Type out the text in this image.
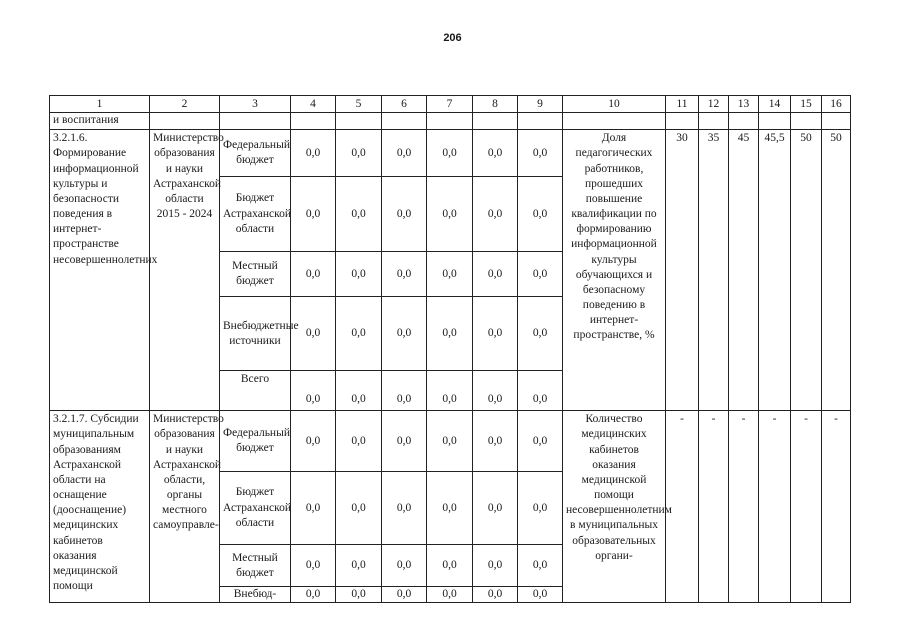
206
1	2	3	4	5	6	7	8	9	10	11	12	13	14	15	16
и воспитания															
3.2.1.6. Формирование информационной культуры и безопасности поведения в интернет-пространстве несовершеннолетних	Министерство образования и науки Астраханской области 2015 - 2024	Федеральный бюджет	0,0	0,0	0,0	0,0	0,0	0,0	Доля педагогических работников, прошедших повышение квалификации по формированию информационной культуры обучающихся и безопасному поведению в интернет-пространстве, %	30	35	45	45,5	50	50
		Бюджет Астраханской области	0,0	0,0	0,0	0,0	0,0	0,0							
		Местный бюджет	0,0	0,0	0,0	0,0	0,0	0,0							
		Внебюджетные источники	0,0	0,0	0,0	0,0	0,0	0,0							
		Всего	0,0	0,0	0,0	0,0	0,0	0,0							
3.2.1.7. Субсидии муниципальным образованиям Астраханской области на оснащение (дооснащение) медицинских кабинетов оказания медицинской помощи	Министерство образования и науки Астраханской области, органы местного самоуправле-	Федеральный бюджет	0,0	0,0	0,0	0,0	0,0	0,0	Количество медицинских кабинетов оказания медицинской помощи несовершеннолетним в муниципальных образовательных органи-	-	-	-	-	-	-
		Бюджет Астраханской области	0,0	0,0	0,0	0,0	0,0	0,0							
		Местный бюджет	0,0	0,0	0,0	0,0	0,0	0,0							
		Внебюд-	0,0	0,0	0,0	0,0	0,0	0,0							
